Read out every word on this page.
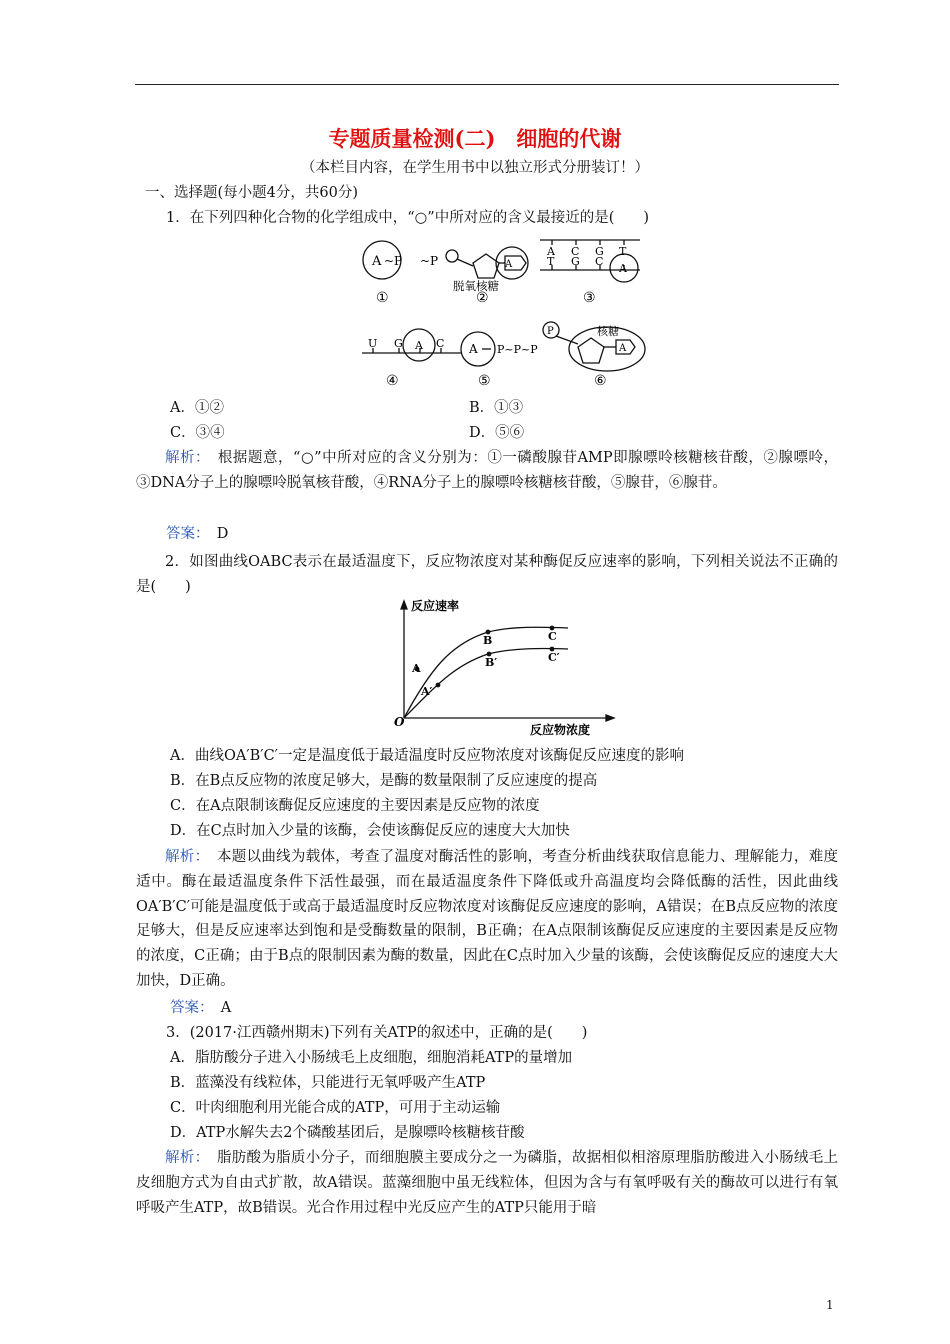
专题质量检测(二)　细胞的代谢
（本栏目内容，在学生用书中以独立形式分册装订！）
一、选择题(每小题4分，共60分)
1．在下列四种化合物的化学组成中，“○”中所对应的含义最接近的是(　　)
A ~P ~P
①
A
脱氧核糖
②
A C G T
T G C
A
③
U G A C
④
A P~P~P
⑤
P	核糖
A
⑥
A．①②	B．①③
C．③④	D．⑤⑥
解析：　 根据题意，“○”中所对应的含义分别为：①一磷酸腺苷AMP即腺嘌呤核糖核苷酸，②腺嘌呤，③DNA分子上的腺嘌呤脱氧核苷酸，④RNA分子上的腺嘌呤核糖核苷酸，⑤腺苷，⑥腺苷。
答案：　 D
2．如图曲线OABC表示在最适温度下，反应物浓度对某种酶促反应速率的影响，下列相关说法不正确的是(　　)
反应速率
反应物浓度
O
A
A′
B
B′
C
C′
A．曲线OA′B′C′一定是温度低于最适温度时反应物浓度对该酶促反应速度的影响
B．在B点反应物的浓度足够大，是酶的数量限制了反应速度的提高
C．在A点限制该酶促反应速度的主要因素是反应物的浓度
D．在C点时加入少量的该酶，会使该酶促反应的速度大大加快
解析：　 本题以曲线为载体，考查了温度对酶活性的影响，考查分析曲线获取信息能力、理解能力，难度适中。酶在最适温度条件下活性最强，而在最适温度条件下降低或升高温度均会降低酶的活性，因此曲线OA′B′C′可能是温度低于或高于最适温度时反应物浓度对该酶促反应速度的影响，A错误；在B点反应物的浓度足够大，但是反应速率达到饱和是受酶数量的限制，B正确；在A点限制该酶促反应速度的主要因素是反应物的浓度，C正确；由于B点的限制因素为酶的数量，因此在C点时加入少量的该酶，会使该酶促反应的速度大大加快，D正确。
答案：　 A
3．(2017·江西赣州期末)下列有关ATP的叙述中，正确的是(　　)
A．脂肪酸分子进入小肠绒毛上皮细胞，细胞消耗ATP的量增加
B．蓝藻没有线粒体，只能进行无氧呼吸产生ATP
C．叶肉细胞利用光能合成的ATP，可用于主动运输
D．ATP水解失去2个磷酸基团后，是腺嘌呤核糖核苷酸
解析：　 脂肪酸为脂质小分子，而细胞膜主要成分之一为磷脂，故据相似相溶原理脂肪酸进入小肠绒毛上皮细胞方式为自由式扩散，故A错误。蓝藻细胞中虽无线粒体，但因为含与有氧呼吸有关的酶故可以进行有氧呼吸产生ATP，故B错误。光合作用过程中光反应产生的ATP只能用于暗
1
